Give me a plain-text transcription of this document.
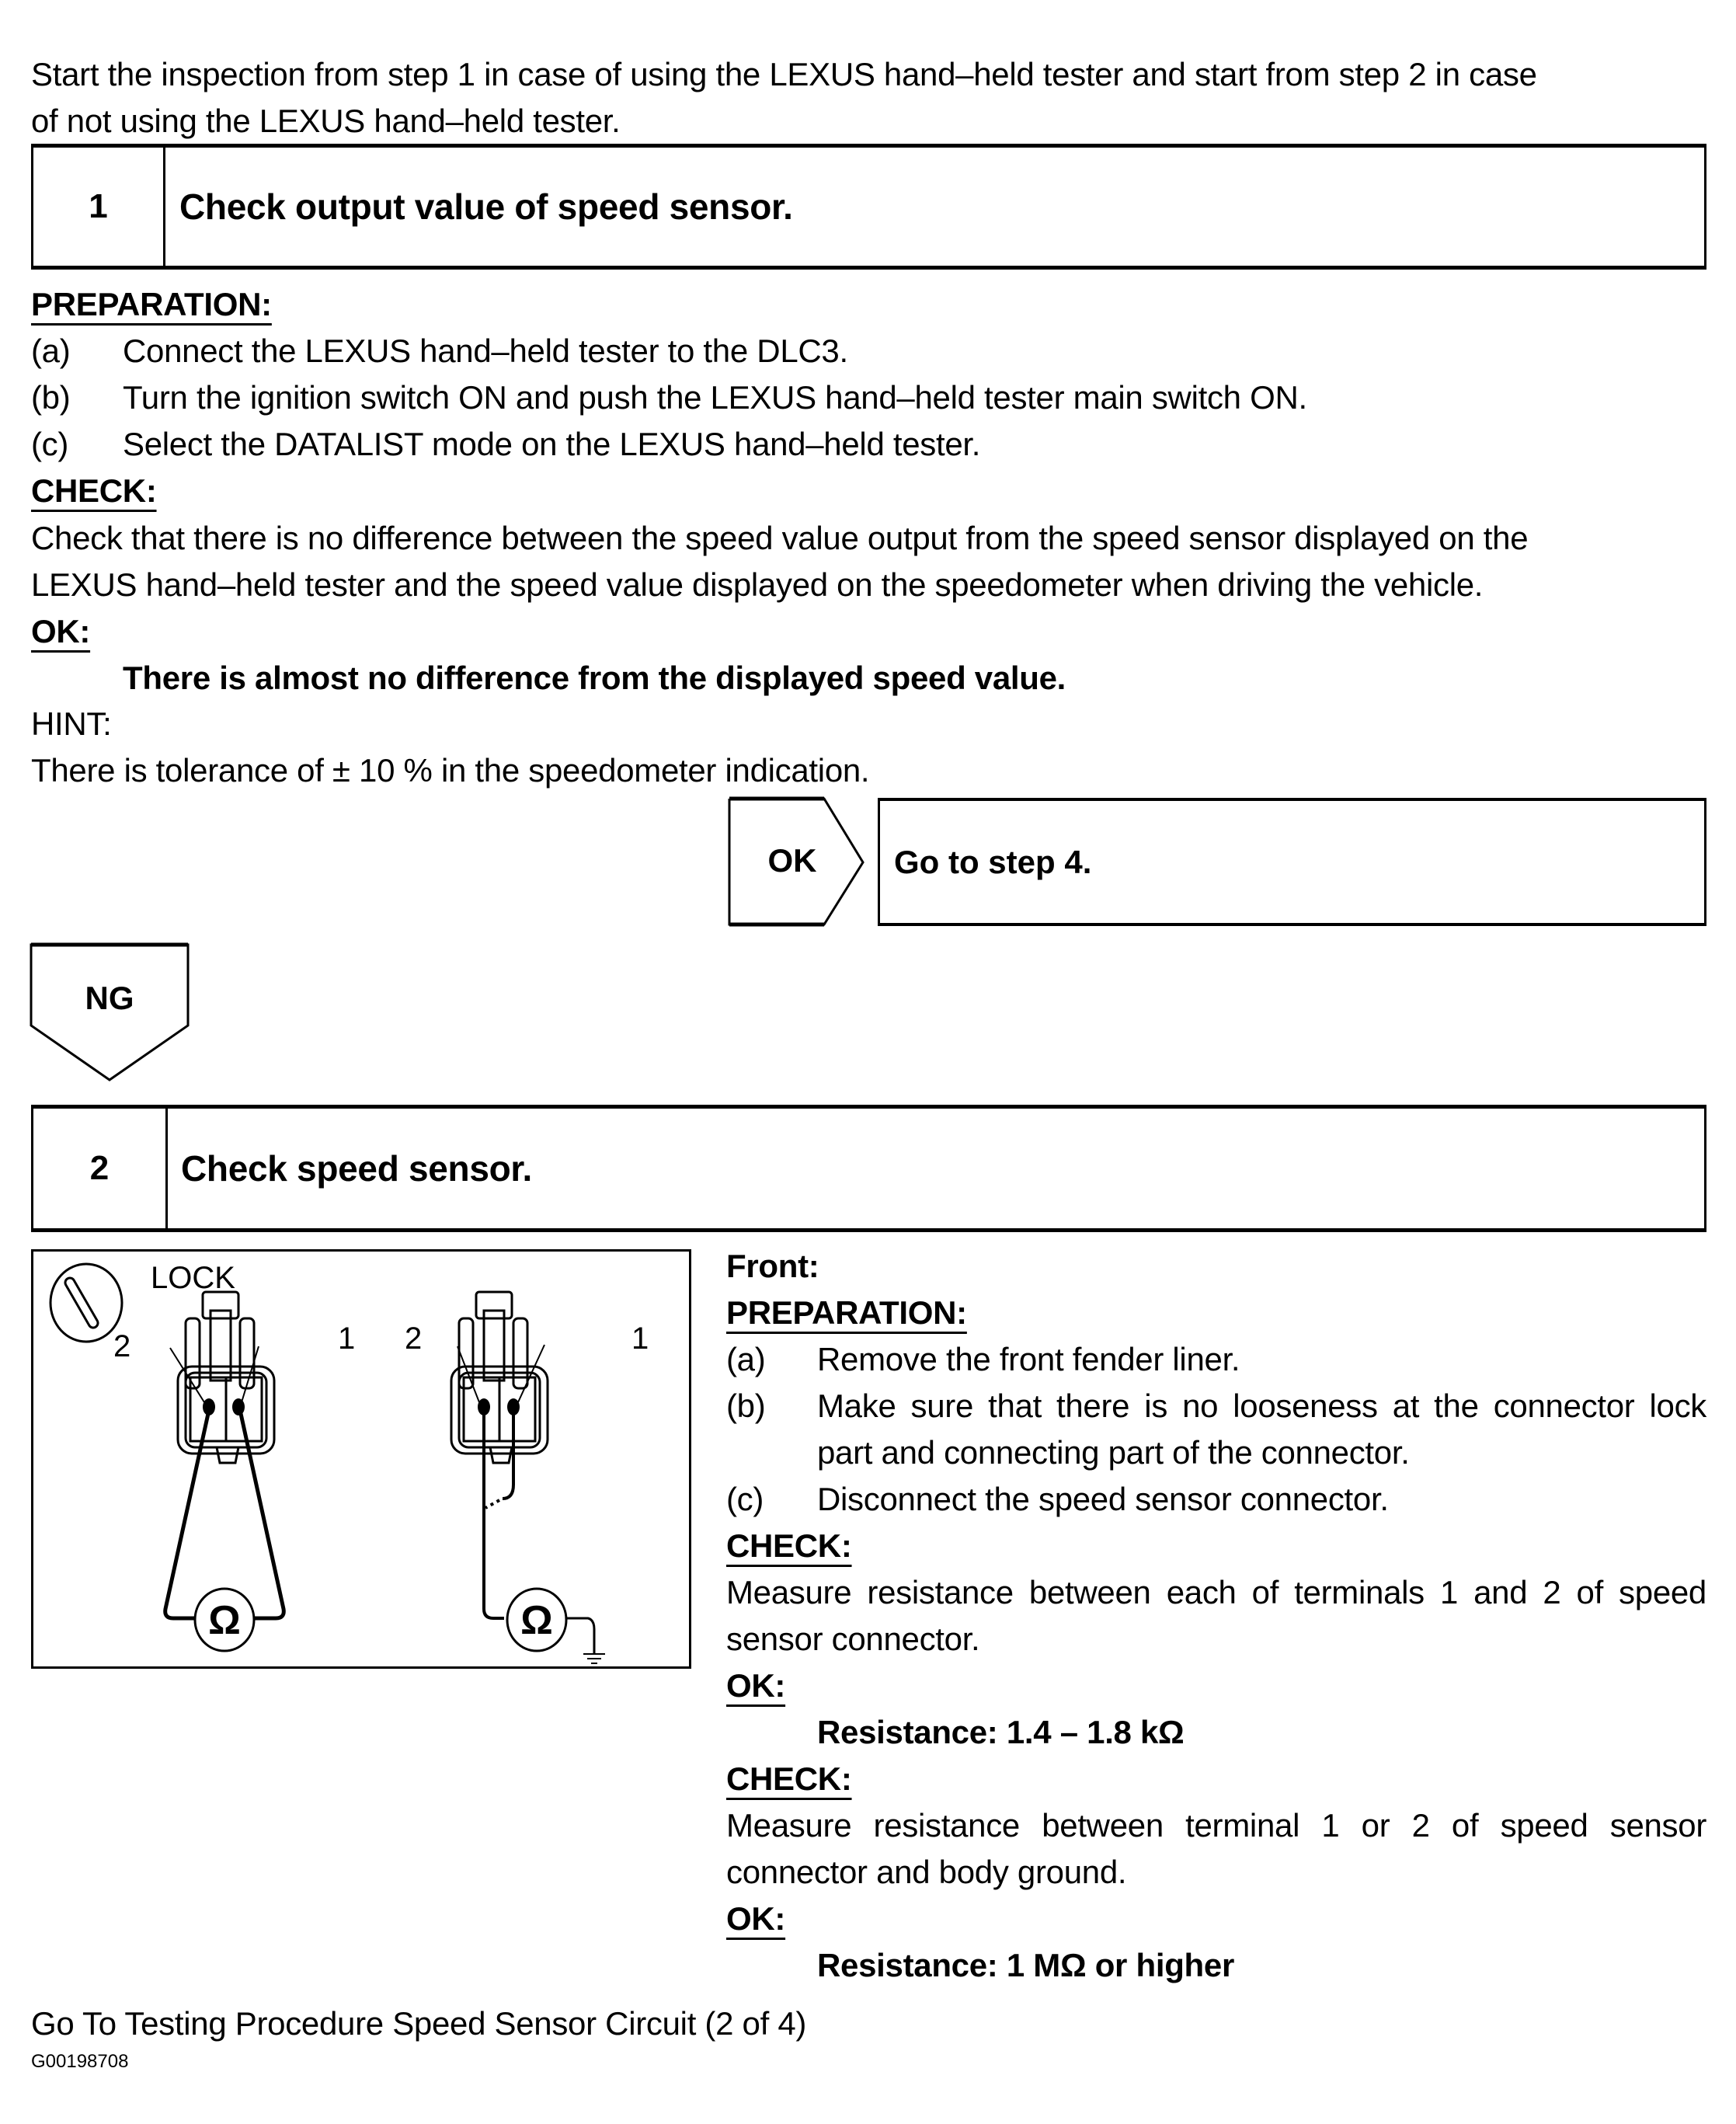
Start the inspection from step 1 in case of using the LEXUS hand–held tester and start from step 2 in case
of not using the LEXUS hand–held tester.
1	Check output value of speed sensor.
PREPARATION:
(a) Connect the LEXUS hand–held tester to the DLC3.
(b) Turn the ignition switch ON and push the LEXUS hand–held tester main switch ON.
(c) Select the DATALIST mode on the LEXUS hand–held tester.
CHECK:
Check that there is no difference between the speed value output from the speed sensor displayed on the
LEXUS hand–held tester and the speed value displayed on the speedometer when driving the vehicle.
OK:
There is almost no difference from the displayed speed value.
HINT:
There is tolerance of ± 10 % in the speedometer indication.
OK	Go to step 4.
NG
2	Check speed sensor.
Ω	Ω
LOCK
2	1 2	1
Front:
PREPARATION:
(a) Remove the front fender liner.
(b) Make sure that there is no looseness at the connector lock part and connecting part of the connector.
(c) Disconnect the speed sensor connector.
CHECK:
Measure resistance between each of terminals 1 and 2 of speed sensor connector.
OK:
Resistance: 1.4 – 1.8 kΩ
CHECK:
Measure resistance between terminal 1 or 2 of speed sensor connector and body ground.
OK:
Resistance: 1 MΩ or higher
Go To Testing Procedure Speed Sensor Circuit (2 of 4)
G00198708
